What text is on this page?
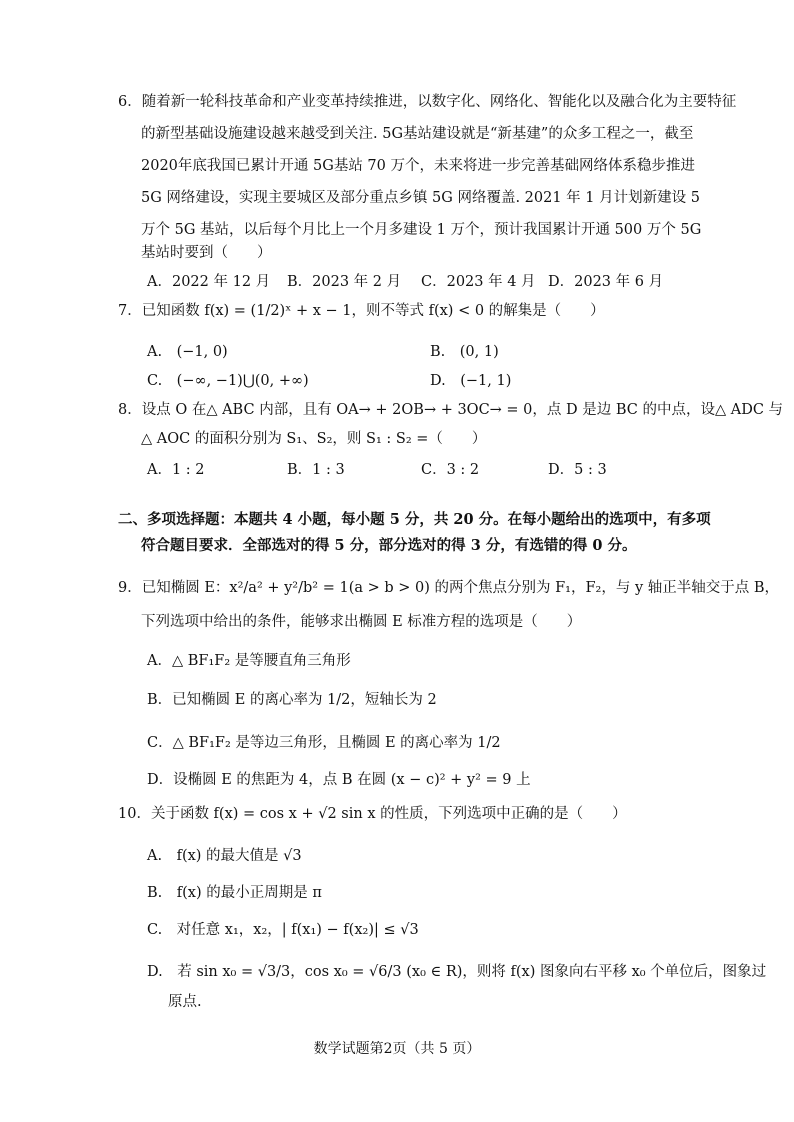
6．随着新一轮科技革命和产业变革持续推进，以数字化、网络化、智能化以及融合化为主要特征
的新型基础设施建设越来越受到关注. 5G基站建设就是“新基建”的众多工程之一，截至
2020年底我国已累计开通 5G基站 70 万个，未来将进一步完善基础网络体系稳步推进
5G 网络建设，实现主要城区及部分重点乡镇 5G 网络覆盖. 2021 年 1 月计划新建设 5
万个 5G 基站，以后每个月比上一个月多建设 1 万个，预计我国累计开通 500 万个 5G
基站时要到（　　）
A．2022 年 12 月 B．2023 年 2 月 C．2023 年 4 月 D．2023 年 6 月
7．已知函数 f(x) = (1/2)ˣ + x − 1，则不等式 f(x) < 0 的解集是（　　）
A.　(−1, 0)	B.　(0, 1)
C.　(−∞, −1)⋃(0, +∞)	D.　(−1, 1)
8．设点 O 在△ ABC 内部，且有 OA→ + 2OB→ + 3OC→ = 0，点 D 是边 BC 的中点，设△ ADC 与
△ AOC 的面积分别为 S₁、S₂，则 S₁ : S₂ =（　　）
A．1 : 2	B．1 : 3	C．3 : 2	D．5 : 3
二、多项选择题：本题共 4 小题，每小题 5 分，共 20 分。在每小题给出的选项中，有多项
符合题目要求．全部选对的得 5 分，部分选对的得 3 分，有选错的得 0 分。
9．已知椭圆 E：x²/a² + y²/b² = 1(a > b > 0) 的两个焦点分别为 F₁，F₂，与 y 轴正半轴交于点 B，
下列选项中给出的条件，能够求出椭圆 E 标准方程的选项是（　　）
A．△ BF₁F₂ 是等腰直角三角形
B．已知椭圆 E 的离心率为 1/2，短轴长为 2
C．△ BF₁F₂ 是等边三角形，且椭圆 E 的离心率为 1/2
D．设椭圆 E 的焦距为 4，点 B 在圆 (x − c)² + y² = 9 上
10．关于函数 f(x) = cos x + √2 sin x 的性质，下列选项中正确的是（　　）
A.　f(x) 的最大值是 √3
B.　f(x) 的最小正周期是 π
C.　对任意 x₁，x₂，| f(x₁) − f(x₂)| ≤ √3
D.　若 sin x₀ = √3/3，cos x₀ = √6/3 (x₀ ∈ R)，则将 f(x) 图象向右平移 x₀ 个单位后，图象过
原点.
数学试题第2页（共 5 页）
